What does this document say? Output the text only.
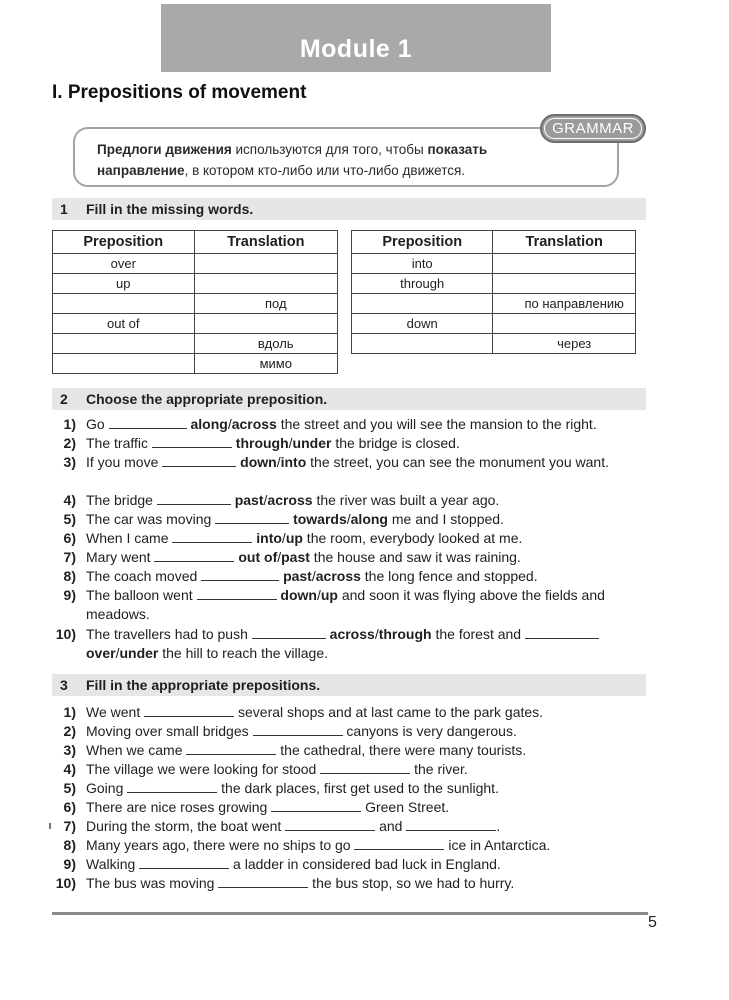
Module 1
I. Prepositions of movement
Предлоги движения используются для того, чтобы показать
направление, в котором кто-либо или что-либо движется.
GRAMMAR
1 Fill in the missing words.
Preposition	Translation
over	
up	
	под
out of	
	вдоль
	мимо
Preposition	Translation
into	
through	
	по направлению
down	
	через
2 Choose the appropriate preposition.
1) Go	along/across the street and you will see the mansion to the right.
2) The traffic	through/under the bridge is closed.
3) If you move	down/into the street, you can see the monument you want.
4) The bridge	past/across the river was built a year ago.
5) The car was moving	towards/along me and I stopped.
6) When I came	into/up the room, everybody looked at me.
7) Mary went	out of/past the house and saw it was raining.
8) The coach moved	past/across the long fence and stopped.
9) The balloon went	down/up and soon it was flying above the fields and meadows.
10) The travellers had to push	across/through the forest and  over/under the hill to reach the village.
3 Fill in the appropriate prepositions.
1) We went	several shops and at last came to the park gates.
2) Moving over small bridges	canyons is very dangerous.
3) When we came	the cathedral, there were many tourists.
4) The village we were looking for stood	the river.
5) Going	the dark places, first get used to the sunlight.
6) There are nice roses growing	Green Street.
7) During the storm, the boat went	and	.
8) Many years ago, there were no ships to go	ice in Antarctica.
9) Walking	a ladder in considered bad luck in England.
10) The bus was moving	the bus stop, so we had to hurry.
5
